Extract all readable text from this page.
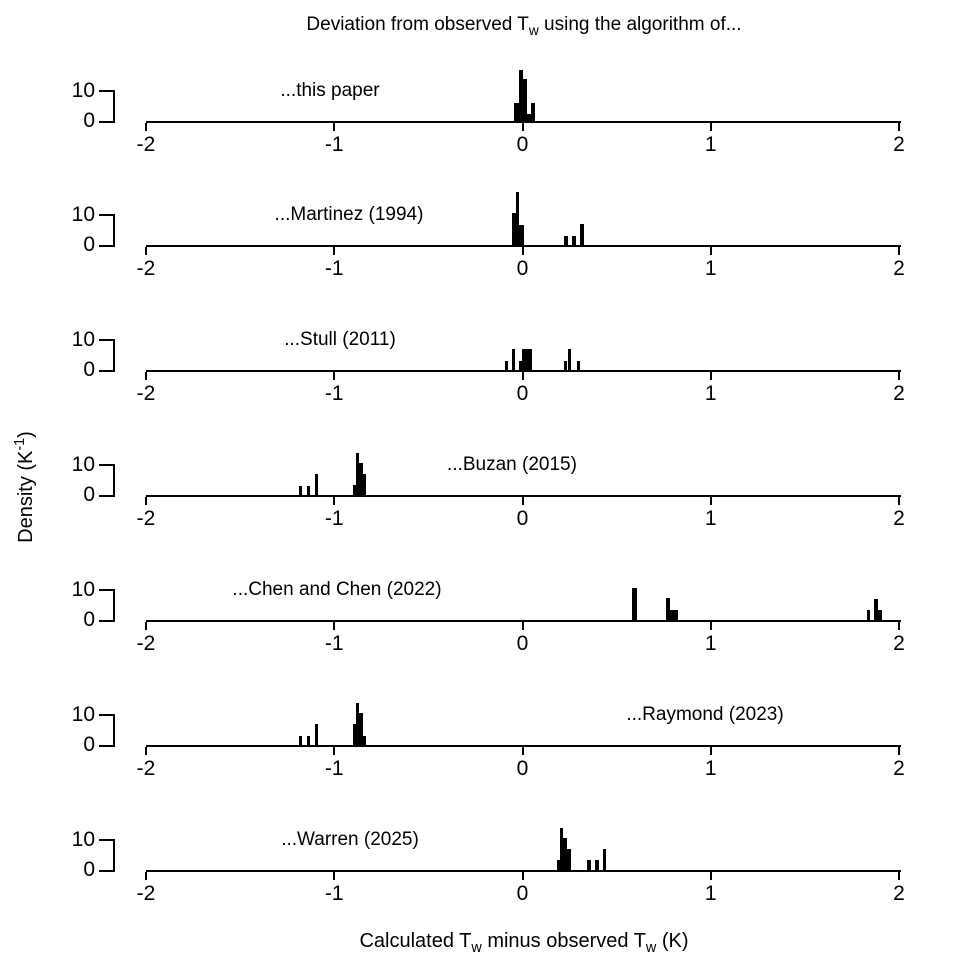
Deviation from observed $T_w$ using the algorithm of...
Density $(K^{-1})$
-2	-1	0	1	2
10
0
...this paper
-2	-1	0	1	2
10
0
...Martinez (1994)
-2	-1	0	1	2
10
0
...Stull (2011)
-2	-1	0	1	2
10
0
...Buzan (2015)
-2	-1	0	1	2
10
0
...Chen and Chen (2022)
-2	-1	0	1	2
10
0
...Raymond (2023)
-2	-1	0	1	2
10
0
...Warren (2025)
Calculated $T_w$ minus observed $T_w$ (K)
